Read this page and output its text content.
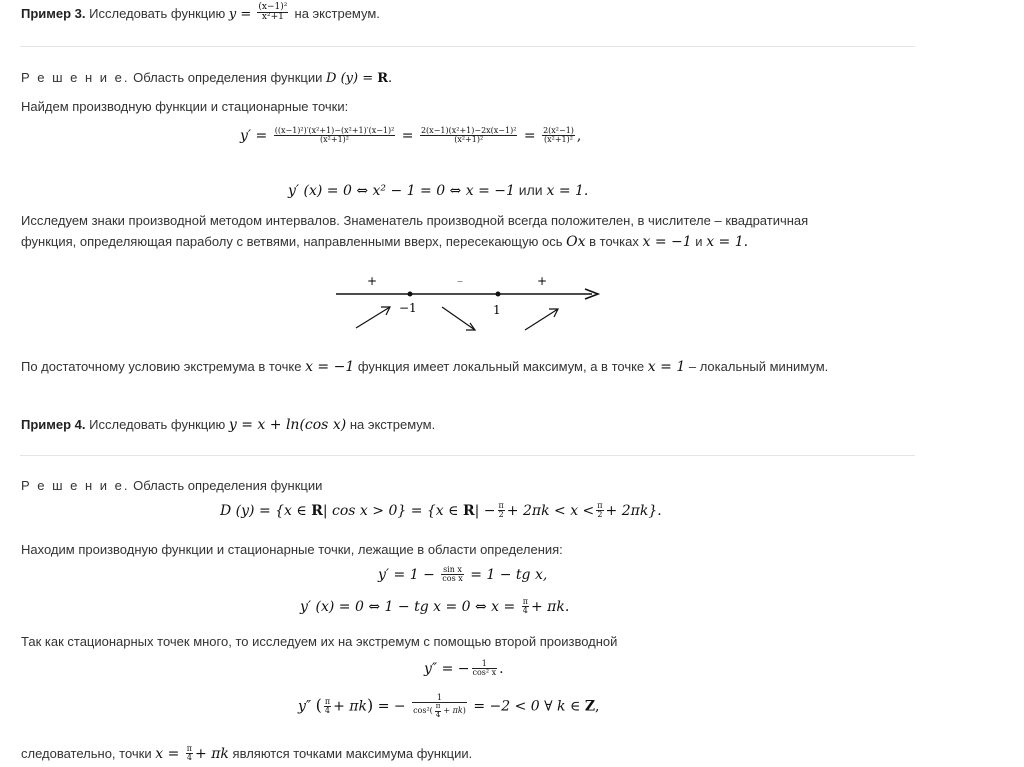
Пример 3. Исследовать функцию $y = \frac{\text{(x−1)²}}{\text{x²+1}}$ на экстремум.
Р е ш е н и е. Область определения функции D (y) = R.
Найдем производную функции и стационарные точки:
$y' = \frac{\text{((x−1)²)′(x²+1)−(x²+1)′(x−1)²}}{\text{(x²+1)²}} = \frac{\text{2(x−1)(x²+1)−2x(x−1)²}}{\text{(x²+1)²}} = \frac{\text{2(x²−1)}}{\text{(x²+1)²}}$ ,
y′ (x) = 0 ⇔ x² − 1 = 0 ⇔ x = −1 или x = 1.
Исследуем знаки производной методом интервалов. Знаменатель производной всегда положителен, в числителе – квадратичная
функция, определяющая параболу с ветвями, направленными вверх, пересекающую ось Ox в точках x = −1 и x = 1.
+	–	+
−1	1
По достаточному условию экстремума в точке x = −1 функция имеет локальный максимум, а в точке x = 1 – локальный минимум.
Пример 4. Исследовать функцию y = x + ln(cos x) на экстремум.
Р е ш е н и е. Область определения функции
D (y) = {x ∈ R| cos x > 0} = {x ∈ $R| - \frac{\pi}{2} + 2\pi k < x < \frac{\pi}{2} + 2\pi k$}.
Находим производную функции и стационарные точки, лежащие в области определения:
$y' = 1 - \frac{\text{sin x}}{\text{cos x}} = 1$ − tg x,
y′ (x) = 0 ⇔ 1 − tg x = 0 ⇔ $x = \frac{\pi}{4} + \pi k$.
Так как стационарных точек много, то исследуем их на экстремум с помощью второй производной
y″ = − $\frac{1}{\text{cos² x}}$ .
y″ ( $\frac{\pi}{4} + \pi k$) = − $\frac{1}{\cos^2( \frac{\pi}{4} + \pi k)} = -2 < 0$ ∀ k ∈ Z,
следовательно, точки $x = \frac{\pi}{4} + \pi k$ являются точками максимума функции.
